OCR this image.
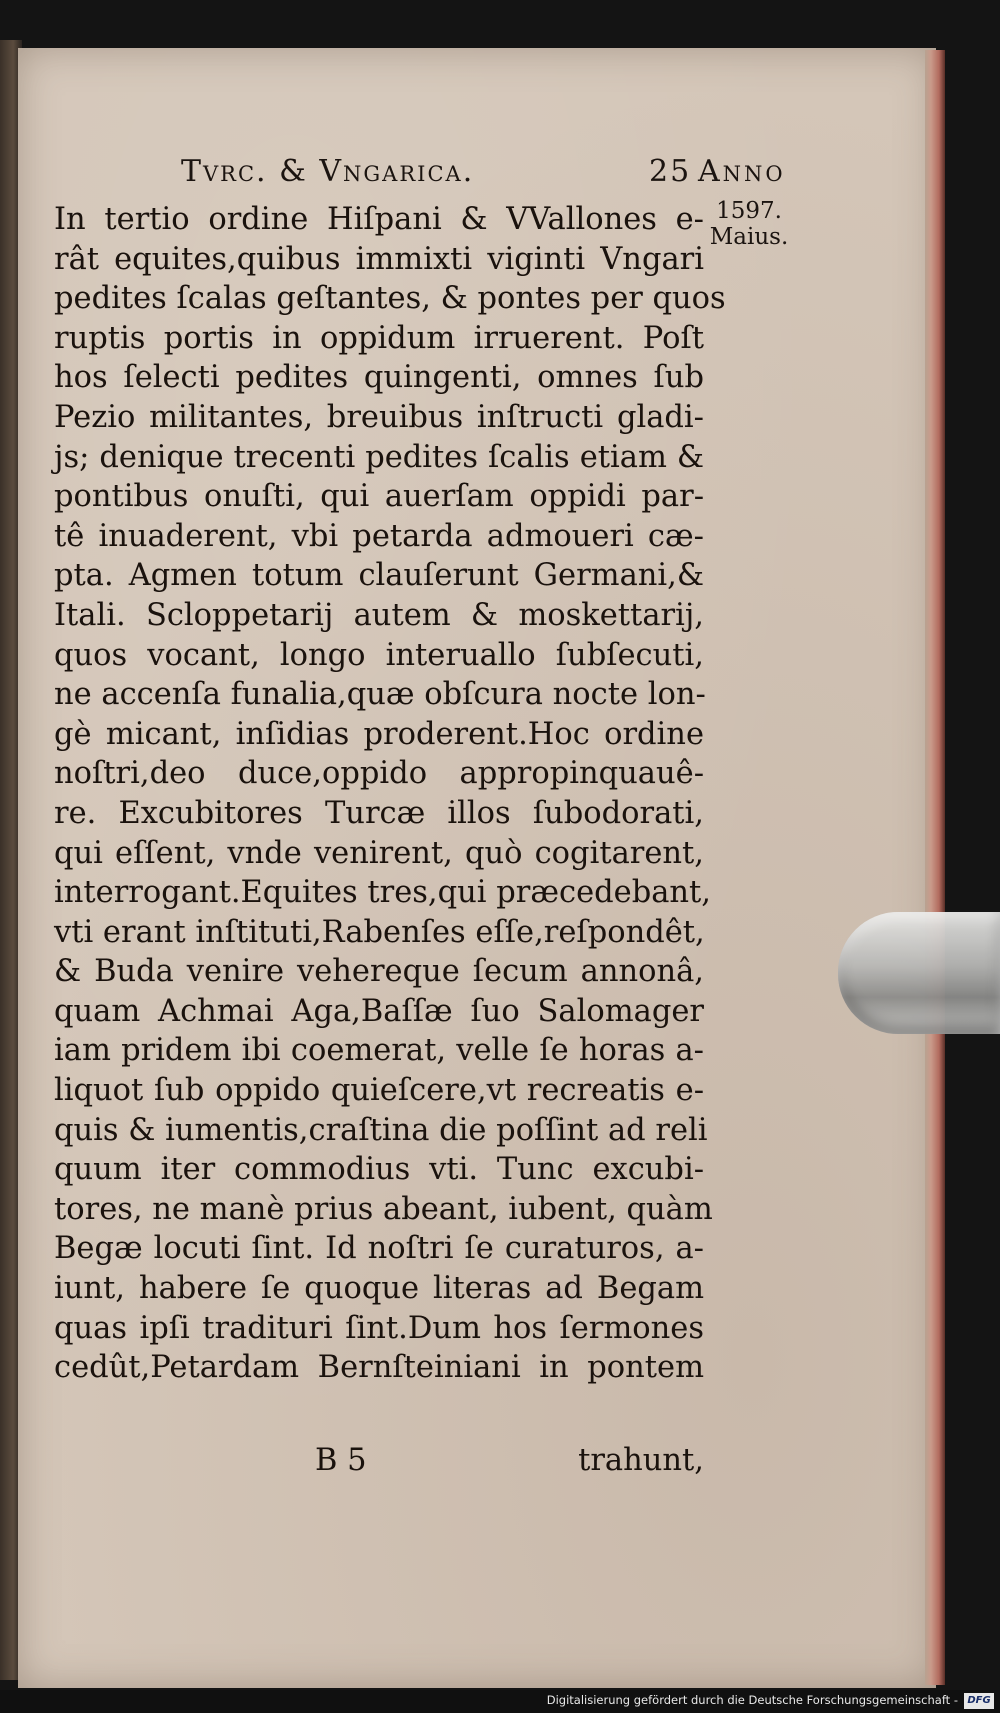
Tvrc. & Vngarica.	25 Anno
1597.
Maius.
In tertio ordine Hiſpani & VVallones e-
rât equites,quibus immixti viginti Vngari
pedites ſcalas geſtantes, & pontes per quos
ruptis portis in oppidum irruerent. Poſt
hos ſelecti pedites quingenti, omnes ſub
Pezio militantes, breuibus inſtructi gladi-
js; denique trecenti pedites ſcalis etiam &
pontibus onuſti, qui auerſam oppidi par-
tê inuaderent, vbi petarda admoueri cæ-
pta. Agmen totum clauſerunt Germani,&
Itali. Scloppetarij autem & moskettarij,
quos vocant, longo interuallo ſubſecuti,
ne accenſa funalia,quæ obſcura nocte lon-
gè micant, inſidias proderent.Hoc ordine
noſtri,deo duce,oppido appropinquauê-
re. Excubitores Turcæ illos ſubodorati,
qui eſſent, vnde venirent, quò cogitarent,
interrogant.Equites tres,qui præcedebant,
vti erant inſtituti,Rabenſes eſſe,reſpondêt,
& Buda venire vehereque ſecum annonâ,
quam Achmai Aga,Baſſæ ſuo Salomager
iam pridem ibi coemerat, velle ſe horas a-
liquot ſub oppido quieſcere,vt recreatis e-
quis & iumentis,craſtina die poſſint ad reli
quum iter commodius vti. Tunc excubi-
tores, ne manè prius abeant, iubent, quàm
Begæ locuti ſint. Id noſtri ſe curaturos, a-
iunt, habere ſe quoque literas ad Begam
quas ipſi tradituri ſint.Dum hos ſermones
cedût,Petardam Bernſteiniani in pontem
B 5	trahunt,
Digitalisierung gefördert durch die Deutsche Forschungsgemeinschaft - DFG
